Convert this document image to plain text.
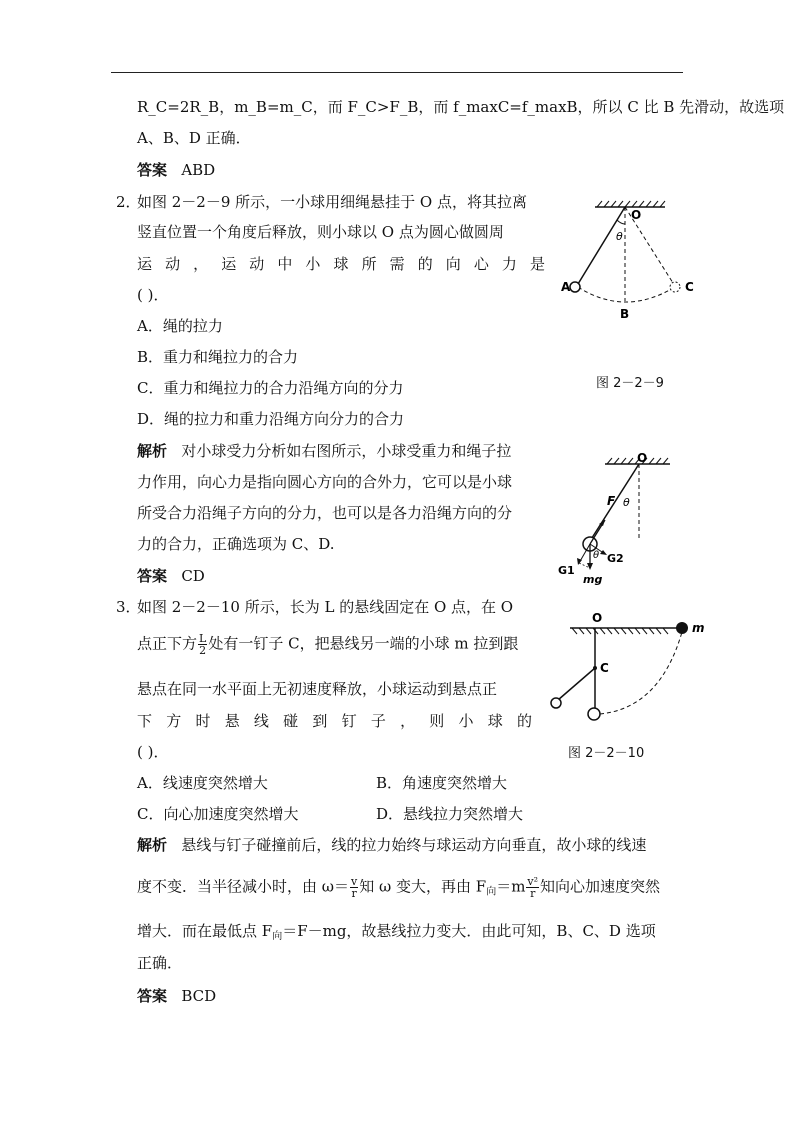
R_C=2R_B，m_B=m_C，而 F_C>F_B，而 f_maxC=f_maxB，所以 C 比 B 先滑动，故选项
A、B、D 正确．
答案 ABD
2．
如图 2－2－9 所示，一小球用细绳悬挂于 O 点，将其拉离
竖直位置一个角度后释放，则小球以 O 点为圆心做圆周
运动，运动中小球所需的向心力是
( )．
A．绳的拉力
B．重力和绳拉力的合力
C．重力和绳拉力的合力沿绳方向的分力
D．绳的拉力和重力沿绳方向分力的合力
解析 对小球受力分析如右图所示，小球受重力和绳子拉
力作用，向心力是指向圆心方向的合外力，它可以是小球
所受合力沿绳子方向的分力，也可以是各力沿绳方向的分
力的合力，正确选项为 C、D.
答案 CD
O
θ
A
B
C
图 2－2－9
O
F θ
θ G2
G1
mg
3．
如图 2－2－10 所示，长为 L 的悬线固定在 O 点，在 O
点正下方 $\frac{L}{2}$ 处有一钉子 C，把悬线另一端的小球 m 拉到跟
悬点在同一水平面上无初速度释放，小球运动到悬点正
下方时悬线碰到钉子，则小球的
( )．
A．线速度突然增大	B．角速度突然增大
C．向心加速度突然增大	D．悬线拉力突然增大
O
m
C
图 2－2－10
解析 悬线与钉子碰撞前后，线的拉力始终与球运动方向垂直，故小球的线速
度不变．当半径减小时，由 $\omega= \frac{v}{r}$ 知 ω 变大，再由 $F_向=m \frac{\text{v²}}{r}$ 知向心加速度突然
增大．而在最低点 $F_向=F-mg$，故悬线拉力变大．由此可知，B、C、D 选项
正确．
答案 BCD
